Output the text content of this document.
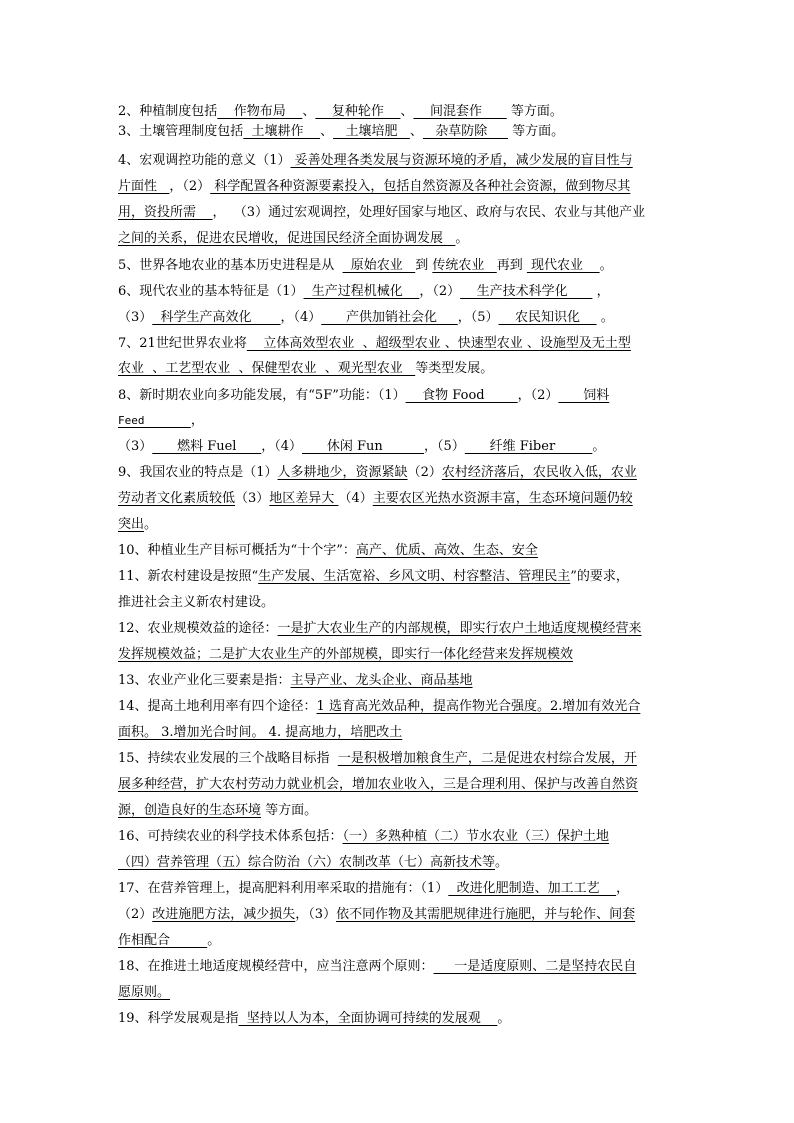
2、种植制度包括    作物布局    、    复种轮作    、    间混套作       等方面。
3、土壤管理制度包括  土壤耕作    、   土壤培肥   、   杂草防除      等方面。
4、宏观调控功能的意义（1） 妥善处理各类发展与资源环境的矛盾，减少发展的盲目性与
片面性   ，（2） 科学配置各种资源要素投入，包括自然资源及各种社会资源，做到物尽其
用，资投所需    ，  （3）通过宏观调控，处理好国家与地区、政府与农民、农业与其他产业
之间的关系，促进农民增收，促进国民经济全面协调发展   。
5、世界各地农业的基本历史进程是从    原始农业   到 传统农业   再到  现代农业    。
6、现代农业的基本特征是（1）  生产过程机械化    ，（2）    生产技术科学化       ，
（3）  科学生产高效化       ，（4）      产供加销社会化     ，（5）    农民知识化     。
7、21世纪世界农业将    立体高效型农业  、超级型农业 、快速型农业 、设施型及无土型
农业  、工艺型农业  、保健型农业  、观光型农业   等类型发展。
8、新时期农业向多功能发展，有“5F”功能：（1）    食物 Food        ，（2）      饲料
Feed       ，
（3）      燃料 Fuel      ，（4）      休闲 Fun          ，（5）      纤维 Fiber         。
9、我国农业的特点是（1）人多耕地少，资源紧缺（2）农村经济落后，农民收入低，农业
劳动者文化素质较低（3）地区差异大 （4）主要农区光热水资源丰富，生态环境问题仍较
突出。
10、种植业生产目标可概括为“十个字”：高产、优质、高效、生态、安全
11、新农村建设是按照“生产发展、生活宽裕、乡风文明、村容整洁、管理民主”的要求，
推进社会主义新农村建设。
12、农业规模效益的途径：一是扩大农业生产的内部规模，即实行农户土地适度规模经营来
发挥规模效益；二是扩大农业生产的外部规模，即实行一体化经营来发挥规模效
13、农业产业化三要素是指：主导产业、龙头企业、商品基地
14、提高土地利用率有四个途径：1 选育高光效品种，提高作物光合强度。2.增加有效光合
面积。 3.增加光合时间。 4. 提高地力，培肥改土
15、持续农业发展的三个战略目标指  一是积极增加粮食生产，二是促进农村综合发展，开
展多种经营，扩大农村劳动力就业机会，增加农业收入，三是合理利用、保护与改善自然资
源，创造良好的生态环境 等方面。
16、可持续农业的科学技术体系包括：（一）多熟种植（二）节水农业（三）保护土地
（四）营养管理（五）综合防治（六）农制改革（七）高新技术等。
17、在营养管理上，提高肥料利用率采取的措施有：（1）  改进化肥制造、加工工艺    ，
（2）改进施肥方法，减少损失，（3）依不同作物及其需肥规律进行施肥，并与轮作、间套
作相配合         。
18、在推进土地适度规模经营中，应当注意两个原则：     一是适度原则、二是坚持农民自
愿原则。
19、科学发展观是指  坚持以人为本，全面协调可持续的发展观    。
